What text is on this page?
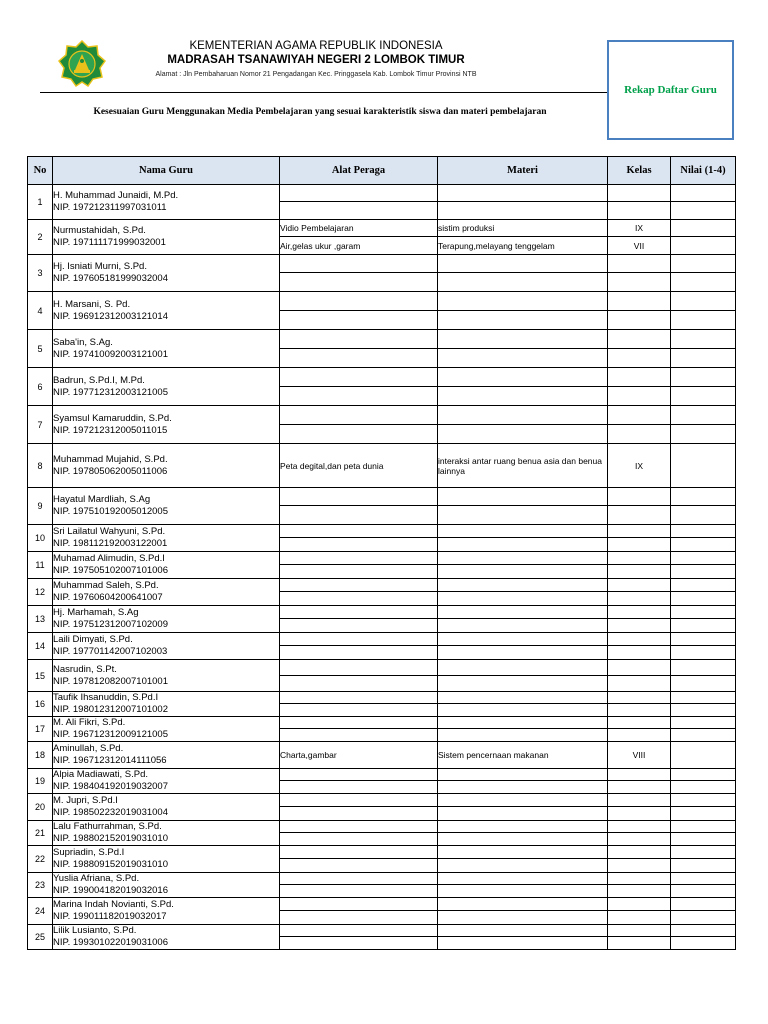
KEMENTERIAN AGAMA REPUBLIK INDONESIA
MADRASAH TSANAWIYAH NEGERI 2 LOMBOK TIMUR
Alamat : Jln Pembaharuan Nomor 21 Pengadangan Kec. Pringgasela Kab. Lombok Timur Provinsi NTB
Rekap Daftar Guru
Kesesuaian Guru Menggunakan Media Pembelajaran yang sesuai karakteristik siswa dan materi pembelajaran
No	Nama Guru	Alat Peraga	Materi	Kelas	Nilai (1-4)
1	H. Muhammad Junaidi, M.Pd.
NIP. 197212311997031011				

2	Nurmustahidah, S.Pd.
NIP. 197111171999032001	Vidio Pembelajaran	sistim produksi	IX	
		Air,gelas ukur ,garam	Terapung,melayang tenggelam	VII	
3	Hj. Isniati Murni, S.Pd.
NIP. 197605181999032004				

4	H. Marsani, S. Pd.
NIP. 196912312003121014				

5	Saba'in, S.Ag.
NIP. 197410092003121001				

6	Badrun, S.Pd.I, M.Pd.
NIP. 197712312003121005				

7	Syamsul Kamaruddin, S.Pd.
NIP. 197212312005011015				

8	Muhammad Mujahid, S.Pd.
NIP. 197805062005011006	Peta degital,dan peta dunia	interaksi antar ruang benua asia dan benua lainnya	IX	

9	Hayatul Mardliah, S.Ag
NIP. 197510192005012005				

10	Sri Lailatul Wahyuni, S.Pd.
NIP. 198112192003122001				

11	Muhamad Alimudin, S.Pd.I
NIP. 197505102007101006				

12	Muhammad Saleh, S.Pd.
NIP. 19760604200641007				

13	Hj. Marhamah, S.Ag
NIP. 197512312007102009				

14	Laili Dimyati, S.Pd.
NIP. 197701142007102003				

15	Nasrudin, S.Pt.
NIP. 197812082007101001				

16	Taufik Ihsanuddin, S.Pd.I
NIP. 198012312007101002				

17	M. Ali Fikri, S.Pd.
NIP. 196712312009121005				

18	Aminullah, S.Pd.
NIP. 196712312014111056	Charta,gambar	Sistem pencernaan makanan	VIII	

19	Alpia Madiawati, S.Pd.
NIP. 198404192019032007				

20	M. Jupri, S.Pd.I
NIP. 198502232019031004				

21	Lalu Fathurrahman, S.Pd.
NIP. 198802152019031010				

22	Supriadin, S.Pd.I
NIP. 198809152019031010				

23	Yuslia Afriana, S.Pd.
NIP. 199004182019032016				

24	Marina Indah Novianti, S.Pd.
NIP. 199011182019032017				

25	Lilik Lusianto, S.Pd.
NIP. 199301022019031006				
